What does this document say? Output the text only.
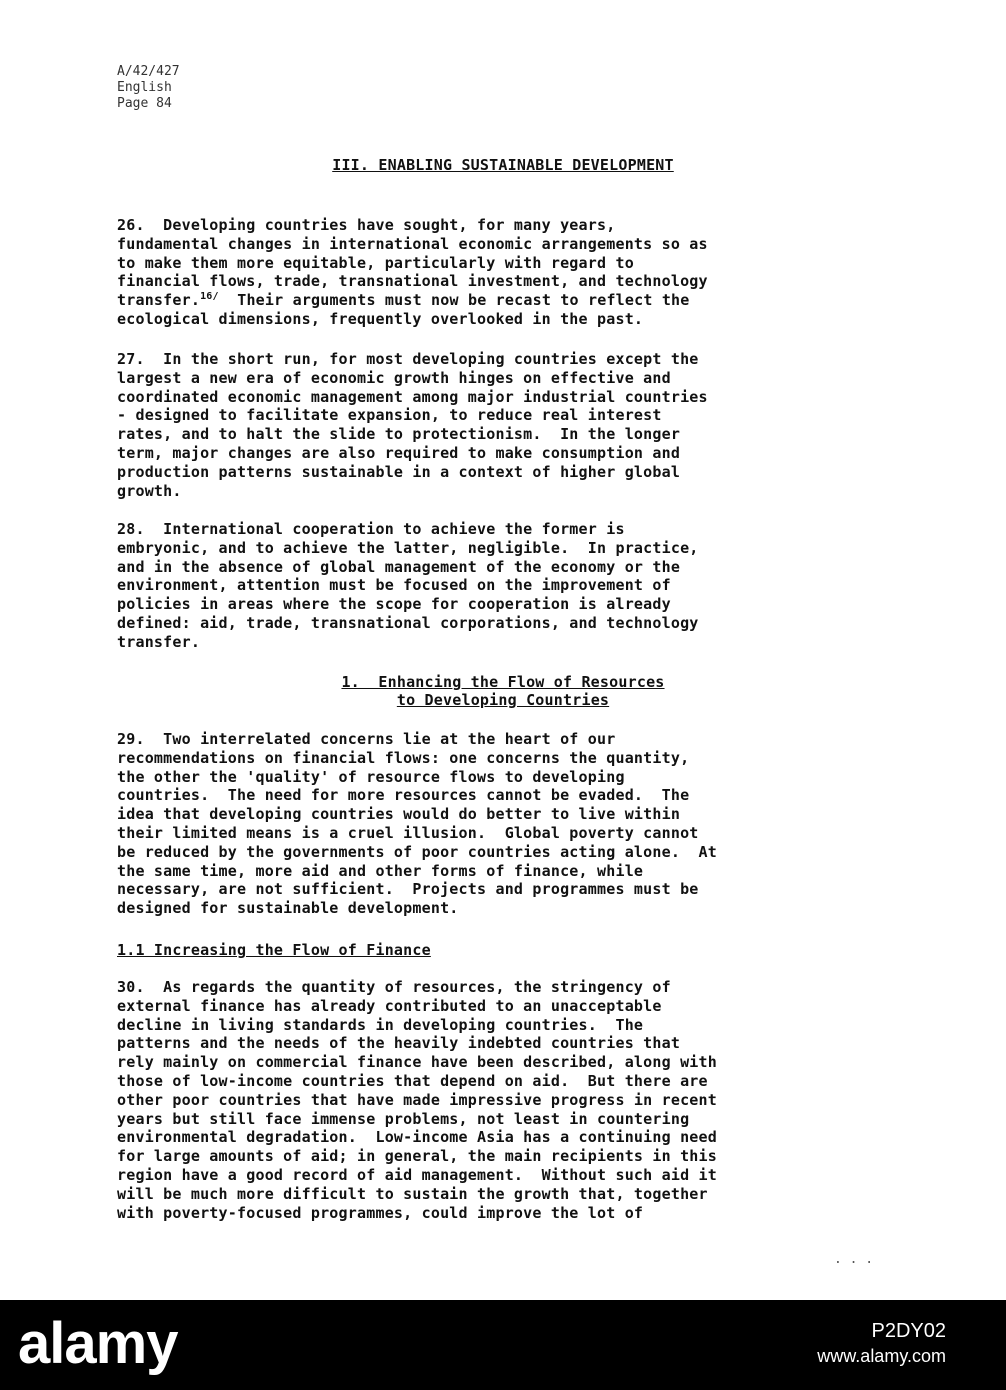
A/42/427
English
Page 84
III. ENABLING SUSTAINABLE DEVELOPMENT
26.  Developing countries have sought, for many years,
fundamental changes in international economic arrangements so as
to make them more equitable, particularly with regard to
financial flows, trade, transnational investment, and technology
transfer.$^{16/}$  Their arguments must now be recast to reflect the
ecological dimensions, frequently overlooked in the past.
27.  In the short run, for most developing countries except the
largest a new era of economic growth hinges on effective and
coordinated economic management among major industrial countries
- designed to facilitate expansion, to reduce real interest
rates, and to halt the slide to protectionism.  In the longer
term, major changes are also required to make consumption and
production patterns sustainable in a context of higher global
growth.
28.  International cooperation to achieve the former is
embryonic, and to achieve the latter, negligible.  In practice,
and in the absence of global management of the economy or the
environment, attention must be focused on the improvement of
policies in areas where the scope for cooperation is already
defined: aid, trade, transnational corporations, and technology
transfer.
1.  Enhancing the Flow of Resources
to Developing Countries
29.  Two interrelated concerns lie at the heart of our
recommendations on financial flows: one concerns the quantity,
the other the 'quality' of resource flows to developing
countries.  The need for more resources cannot be evaded.  The
idea that developing countries would do better to live within
their limited means is a cruel illusion.  Global poverty cannot
be reduced by the governments of poor countries acting alone.  At
the same time, more aid and other forms of finance, while
necessary, are not sufficient.  Projects and programmes must be
designed for sustainable development.
1.1 Increasing the Flow of Finance
30.  As regards the quantity of resources, the stringency of
external finance has already contributed to an unacceptable
decline in living standards in developing countries.  The
patterns and the needs of the heavily indebted countries that
rely mainly on commercial finance have been described, along with
those of low-income countries that depend on aid.  But there are
other poor countries that have made impressive progress in recent
years but still face immense problems, not least in countering
environmental degradation.  Low-income Asia has a continuing need
for large amounts of aid; in general, the main recipients in this
region have a good record of aid management.  Without such aid it
will be much more difficult to sustain the growth that, together
with poverty-focused programmes, could improve the lot of
. . .
alamy	P2DY02
www.alamy.com
